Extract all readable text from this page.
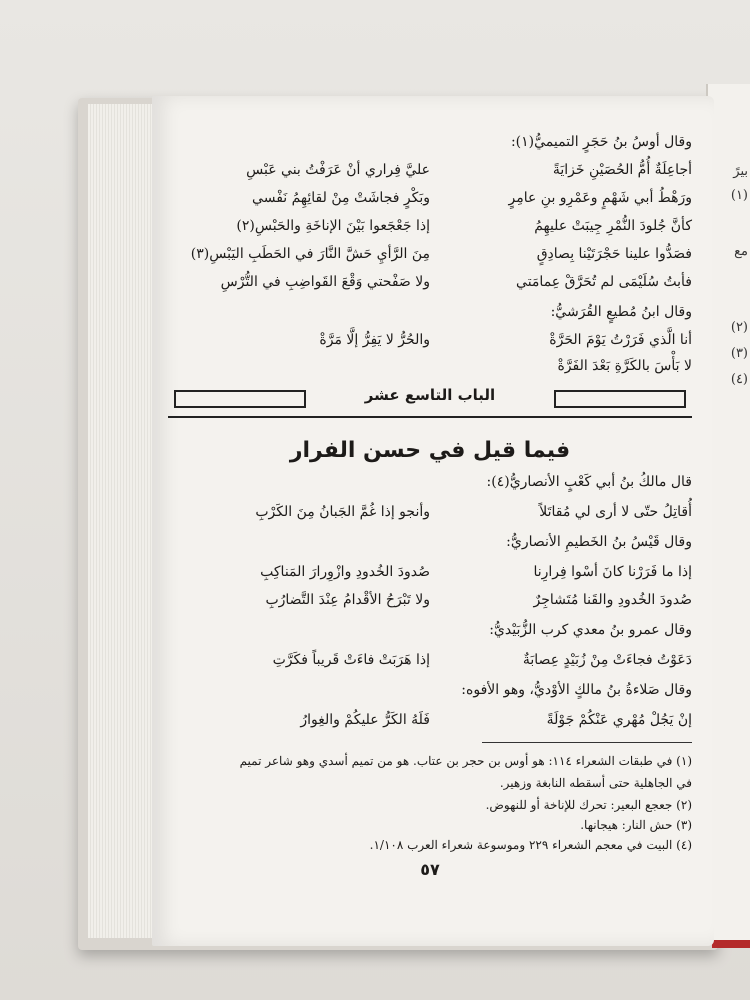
بيرً
(١)
مع
(٢)
(٣)
(٤)
وقال أوسُ بنُ حَجَرٍ التميميُّ(١):
أجاعِلَةٌ أُمُّ الحُصَيْنِ خَزايَةً
عليَّ فِراري أنْ عَرَفْتُ بني عَبْسِ
ورَهْطُ أبي شَهْمٍ وعَمْرِو بنِ عامِرٍ
وبَكْرٍ فجاشَتْ مِنْ لقائِهِمُ نَفْسي
كأنَّ جُلودَ النُّمْرِ جِيبَتْ عليهِمُ
إذا جَعْجَعوا بَيْنَ الإناخَةِ والحَبْسِ(٢)
فصَدُّوا علينا حَجْرَتَيْنا بِصادِقٍ
مِنَ الرَّأيِ حَشَّ النَّارَ في الحَطَبِ اليَبْسِ(٣)
فأبتُ سُلَيْمَى لم تُحَرَّقْ عِمامَتي
ولا صَفْحتي وَقْعَ القَواضِبِ في التُّرْسِ
وقال ابنُ مُطيعٍ القُرَشيُّ:
أنا الَّذي فَرَرْتُ يَوْمَ الحَرَّةْ
والحُرُّ لا يَفِرُّ إلَّا مَرَّةْ
لا بَأْسَ بالكَرَّةِ بَعْدَ الفَرَّةْ
الباب التاسع عشر
فيما قيل في حسن الفرار
قال مالكُ بنُ أبي كَعْبٍ الأنصاريُّ(٤):
أُقاتِلُ حتّى لا أرى لي مُقاتَلاً
وأنجو إذا غُمَّ الجَبانُ مِنَ الكَرْبِ
وقال قَيْسُ بنُ الخَطيمِ الأنصاريُّ:
إذا ما فَرَرْنا كانَ أسْوا فِرارِنا
صُدودَ الخُدودِ وازْوِرارَ المَناكِبِ
صُدودَ الخُدودِ والقَنا مُتَشاجِرٌ
ولا تَبْرَحُ الأقْدامُ عِنْدَ التَّضارُبِ
وقال عمرو بنُ معدي كرب الزُّبَيْديُّ:
دَعَوْتُ فجاءَتْ مِنْ زُبَيْدٍ عِصابَةٌ
إذا هَرَبَتْ فاءَتْ قَريباً فكَرَّتِ
وقال صَلاءةُ بنُ مالكٍ الأوْديُّ، وهو الأفوه:
إنْ يَجُلْ مُهْري عَنْكُمْ جَوْلَةً
فَلَهُ الكَرُّ عليكُمْ والغِوارُ
(١) في طبقات الشعراء ١١٤: هو أوس بن حجر بن عتاب. هو من تميم أسدي وهو شاعر تميم
في الجاهلية حتى أسقطه النابغة وزهير.
(٢) جعجع البعير: تحرك للإناخة أو للنهوض.
(٣) حش النار: هيجانها.
(٤) البيت في معجم الشعراء ٢٢٩ وموسوعة شعراء العرب ١/١٠٨.
٥٧
